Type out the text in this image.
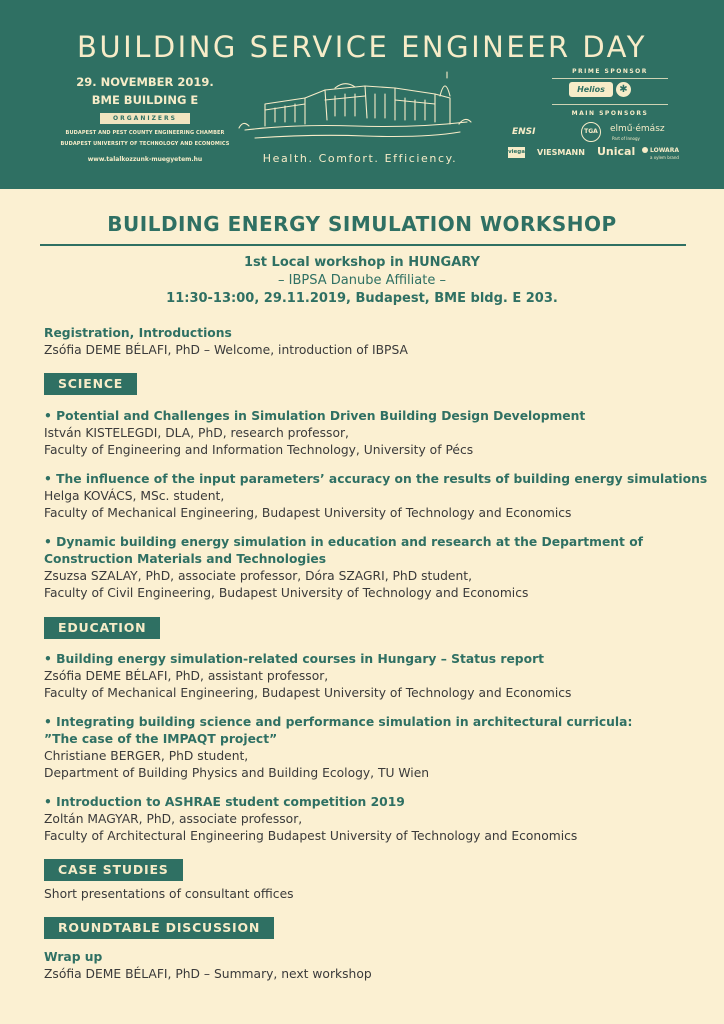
BUILDING SERVICE ENGINEER DAY
29. NOVEMBER 2019.
BME BUILDING E
ORGANIZERS
BUDAPEST AND PEST COUNTY ENGINEERING CHAMBER
BUDAPEST UNIVERSITY OF TECHNOLOGY AND ECONOMICS
www.talalkozzunk-muegyetem.hu	Health. Comfort. Efficiency.
PRIME SPONSOR
Helios	✱
MAIN SPONSORS
ENSI	TGA	elmű·émász
Part of Innogy
viega VIESMANN Unical LOWARA
a xylem brand
BUILDING ENERGY SIMULATION WORKSHOP
1st Local workshop in HUNGARY
– IBPSA Danube Affiliate –
11:30-13:00, 29.11.2019, Budapest, BME bldg. E 203.
Registration, Introductions
Zsófia DEME BÉLAFI, PhD – Welcome, introduction of IBPSA
SCIENCE
• Potential and Challenges in Simulation Driven Building Design Development
István KISTELEGDI, DLA, PhD, research professor,
Faculty of Engineering and Information Technology, University of Pécs
• The influence of the input parameters’ accuracy on the results of building energy simulations
Helga KOVÁCS, MSc. student,
Faculty of Mechanical Engineering, Budapest University of Technology and Economics
• Dynamic building energy simulation in education and research at the Department of
Construction Materials and Technologies
Zsuzsa SZALAY, PhD, associate professor, Dóra SZAGRI, PhD student,
Faculty of Civil Engineering, Budapest University of Technology and Economics
EDUCATION
• Building energy simulation-related courses in Hungary – Status report
Zsófia DEME BÉLAFI, PhD, assistant professor,
Faculty of Mechanical Engineering, Budapest University of Technology and Economics
• Integrating building science and performance simulation in architectural curricula:
”The case of the IMPAQT project”
Christiane BERGER, PhD student,
Department of Building Physics and Building Ecology, TU Wien
• Introduction to ASHRAE student competition 2019
Zoltán MAGYAR, PhD, associate professor,
Faculty of Architectural Engineering Budapest University of Technology and Economics
CASE STUDIES
Short presentations of consultant offices
ROUNDTABLE DISCUSSION
Wrap up
Zsófia DEME BÉLAFI, PhD – Summary, next workshop
